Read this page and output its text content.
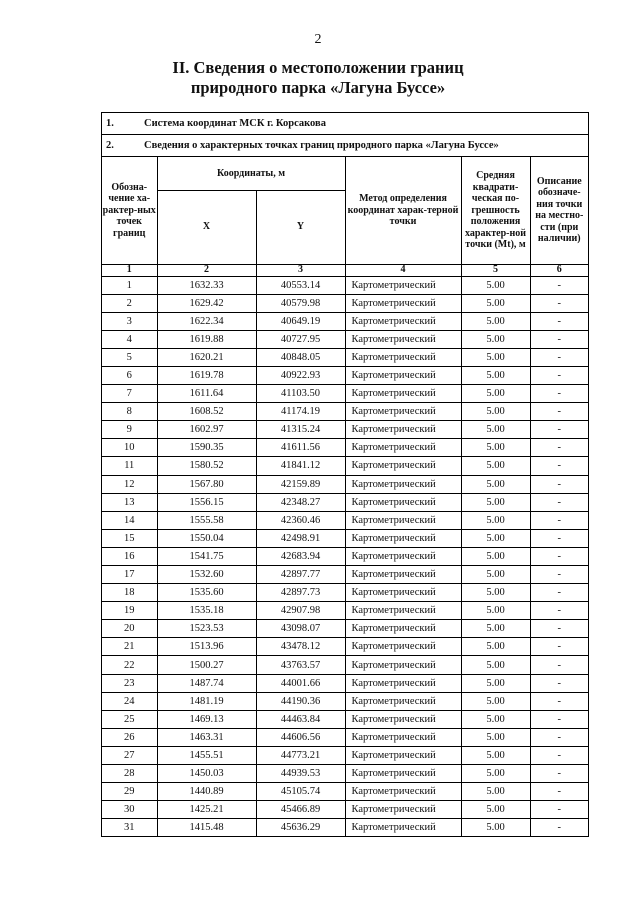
2
II. Сведения о местоположении границ
природного парка «Лагуна Буссе»
1.	Система координат МСК г. Корсакова
2.	Сведения о характерных точках границ природного парка «Лагуна Буссе»
Обозна-чение ха-рактер-ных точек границ	Координаты, м		Метод определения координат харак-терной точки	Средняя квадрати-ческая по-грешность положения характер-ной точки (Mt), м	Описание обозначе-ния точки на местно-сти (при наличии)
	X	Y			
1	2	3	4	5	6
1	1632.33	40553.14	Картометрический	5.00	-
2	1629.42	40579.98	Картометрический	5.00	-
3	1622.34	40649.19	Картометрический	5.00	-
4	1619.88	40727.95	Картометрический	5.00	-
5	1620.21	40848.05	Картометрический	5.00	-
6	1619.78	40922.93	Картометрический	5.00	-
7	1611.64	41103.50	Картометрический	5.00	-
8	1608.52	41174.19	Картометрический	5.00	-
9	1602.97	41315.24	Картометрический	5.00	-
10	1590.35	41611.56	Картометрический	5.00	-
11	1580.52	41841.12	Картометрический	5.00	-
12	1567.80	42159.89	Картометрический	5.00	-
13	1556.15	42348.27	Картометрический	5.00	-
14	1555.58	42360.46	Картометрический	5.00	-
15	1550.04	42498.91	Картометрический	5.00	-
16	1541.75	42683.94	Картометрический	5.00	-
17	1532.60	42897.77	Картометрический	5.00	-
18	1535.60	42897.73	Картометрический	5.00	-
19	1535.18	42907.98	Картометрический	5.00	-
20	1523.53	43098.07	Картометрический	5.00	-
21	1513.96	43478.12	Картометрический	5.00	-
22	1500.27	43763.57	Картометрический	5.00	-
23	1487.74	44001.66	Картометрический	5.00	-
24	1481.19	44190.36	Картометрический	5.00	-
25	1469.13	44463.84	Картометрический	5.00	-
26	1463.31	44606.56	Картометрический	5.00	-
27	1455.51	44773.21	Картометрический	5.00	-
28	1450.03	44939.53	Картометрический	5.00	-
29	1440.89	45105.74	Картометрический	5.00	-
30	1425.21	45466.89	Картометрический	5.00	-
31	1415.48	45636.29	Картометрический	5.00	-
